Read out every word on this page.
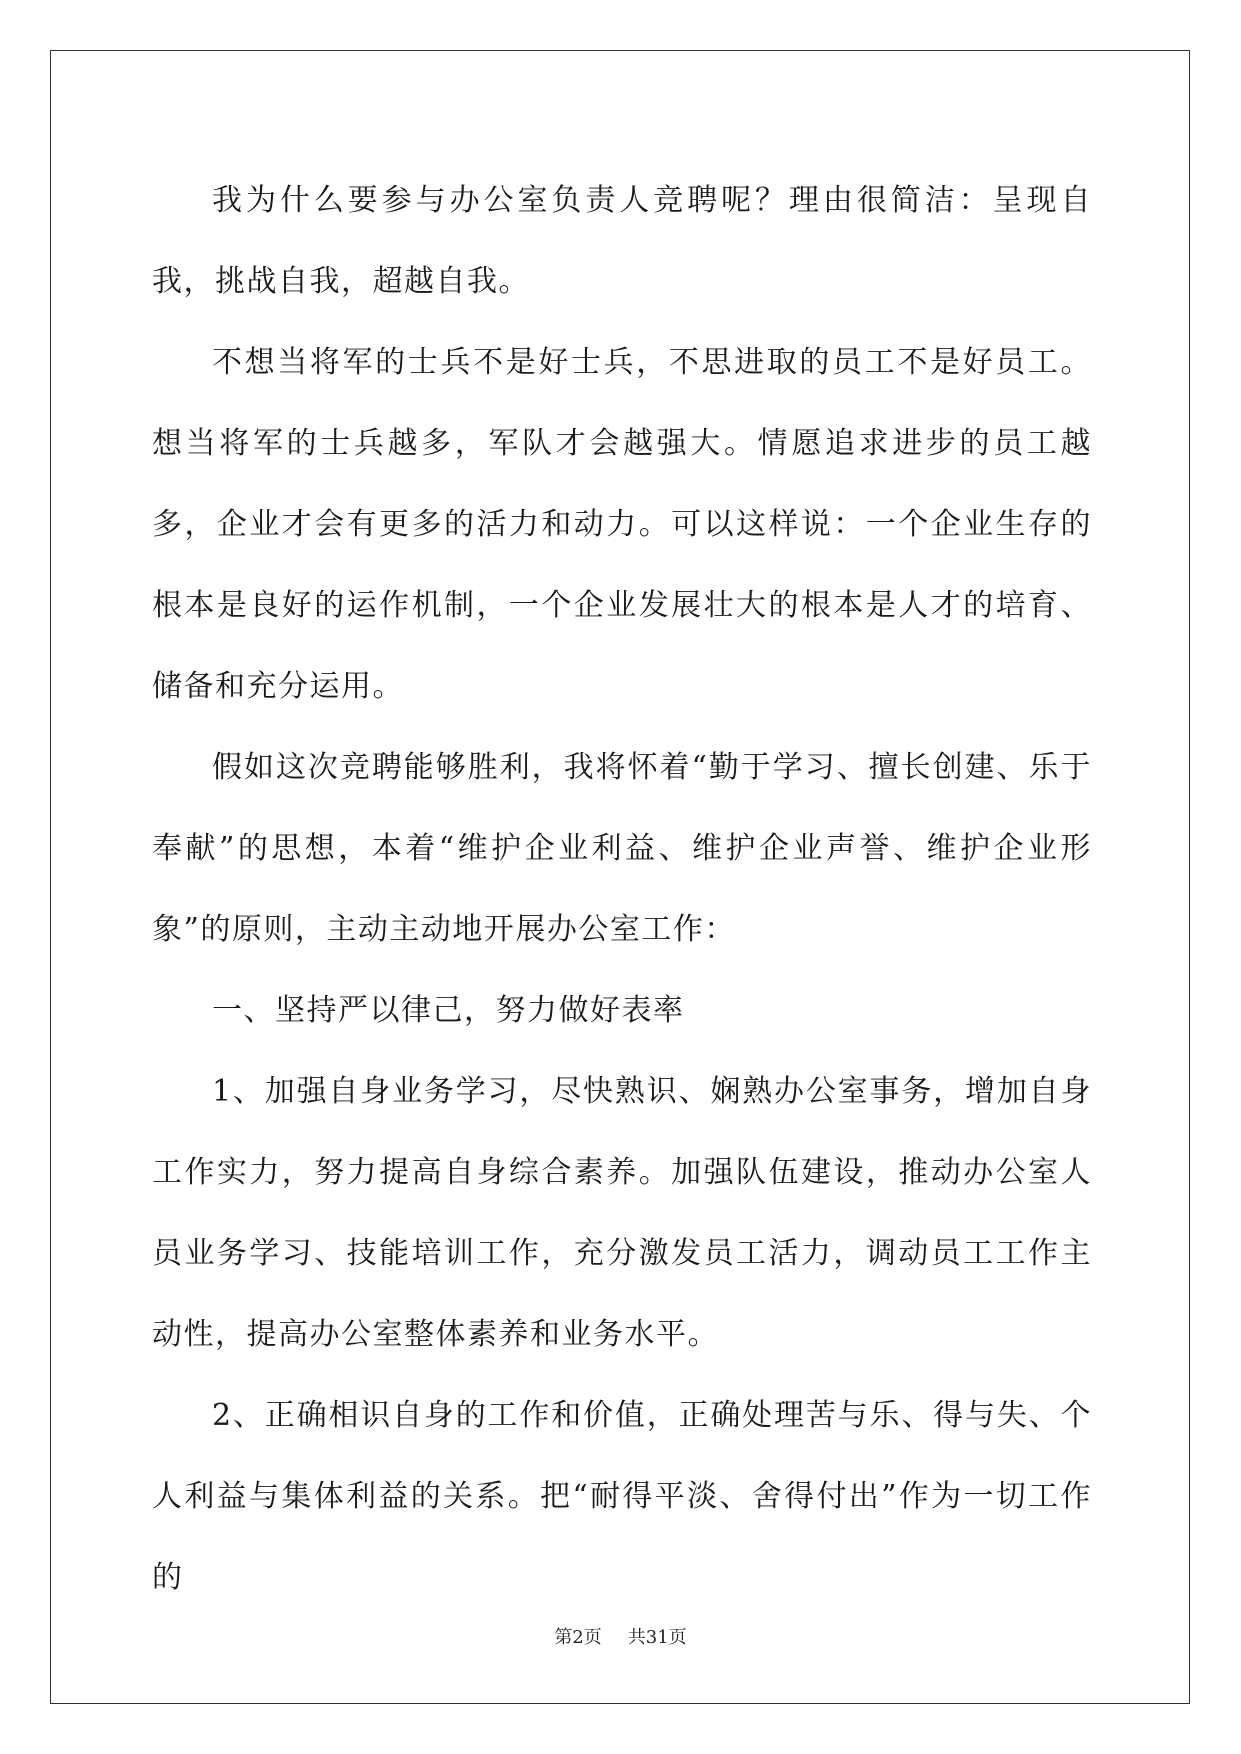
我为什么要参与办公室负责人竞聘呢？理由很简洁：呈现自我，挑战自我，超越自我。

不想当将军的士兵不是好士兵，不思进取的员工不是好员工。想当将军的士兵越多，军队才会越强大。情愿追求进步的员工越多，企业才会有更多的活力和动力。可以这样说：一个企业生存的根本是良好的运作机制，一个企业发展壮大的根本是人才的培育、储备和充分运用。

假如这次竞聘能够胜利，我将怀着“勤于学习、擅长创建、乐于奉献”的思想，本着“维护企业利益、维护企业声誉、维护企业形象”的原则，主动主动地开展办公室工作：

一、坚持严以律己，努力做好表率

1、加强自身业务学习，尽快熟识、娴熟办公室事务，增加自身工作实力，努力提高自身综合素养。加强队伍建设，推动办公室人员业务学习、技能培训工作，充分激发员工活力，调动员工工作主动性，提高办公室整体素养和业务水平。

2、正确相识自身的工作和价值，正确处理苦与乐、得与失、个人利益与集体利益的关系。把“耐得平淡、舍得付出”作为一切工作的

第2页 共31页
